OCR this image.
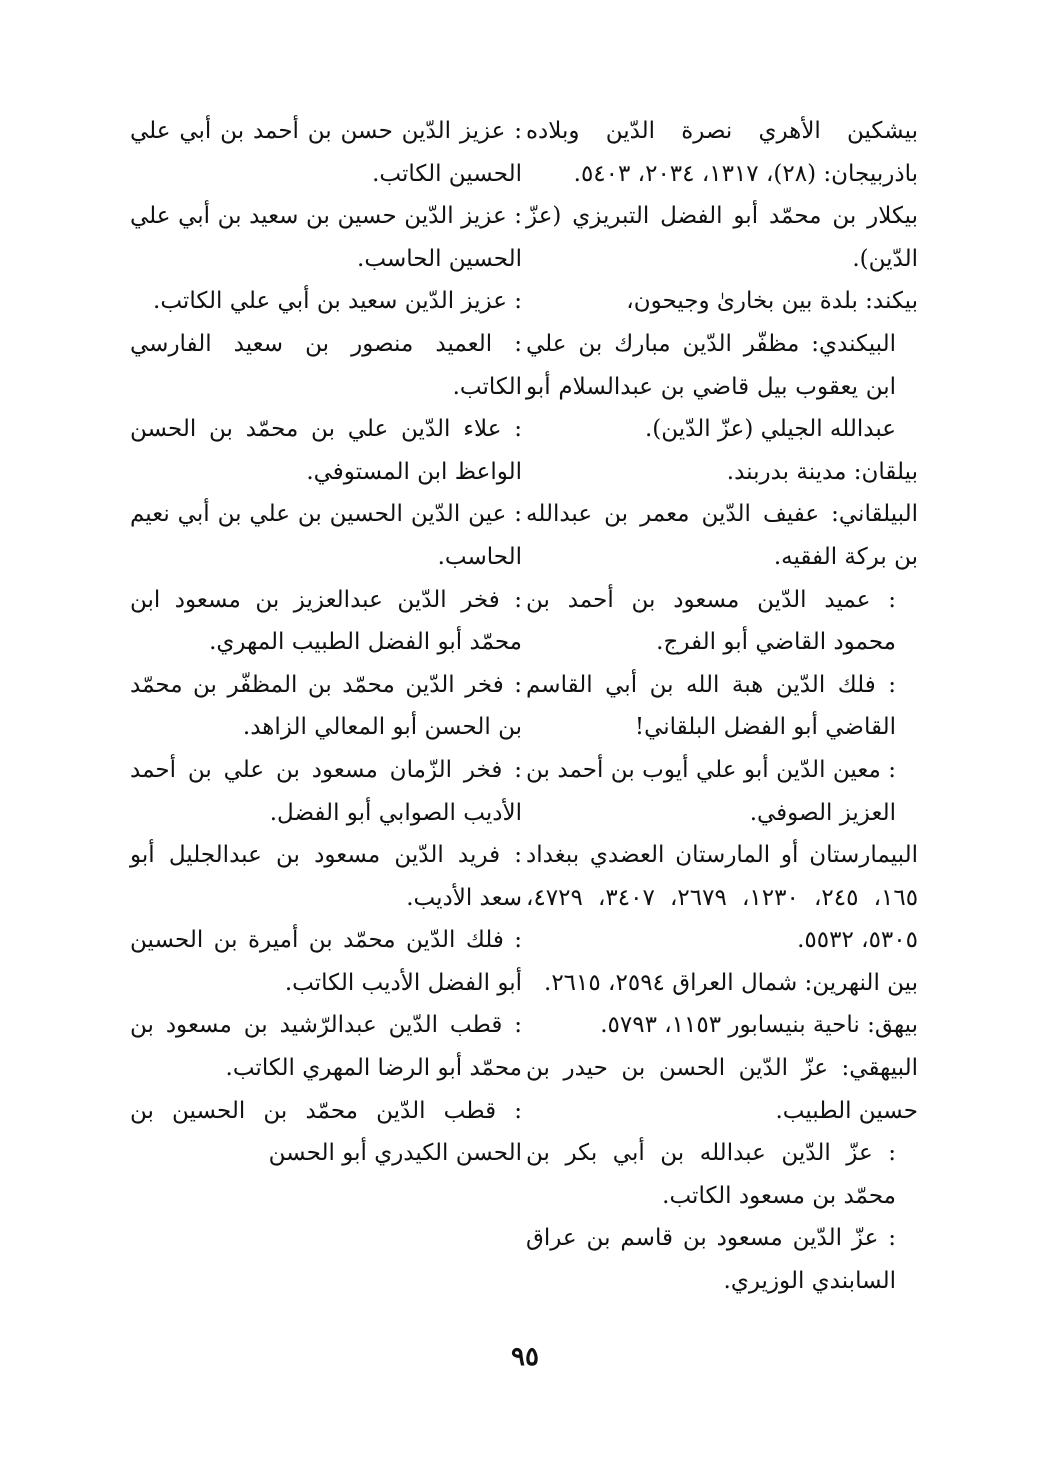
بيشكين الأهري نصرة الدّين وبلاده باذربيجان: (٢٨)، ١٣١٧، ٢٠٣٤، ٥٤٠٣.

بيكلار بن محمّد أبو الفضل التبريزي (عزّ الدّين).

بيكند: بلدة بين بخارىٰ وجيحون،

البيكندي: مظفّر الدّين مبارك بن علي ابن يعقوب بيل قاضي بن عبدالسلام أبو عبدالله الجيلي (عزّ الدّين).

بيلقان: مدينة بدربند.

البيلقاني: عفيف الدّين معمر بن عبدالله بن بركة الفقيه.

: عميد الدّين مسعود بن أحمد بن محمود القاضي أبو الفرج.

: فلك الدّين هبة الله بن أبي القاسم القاضي أبو الفضل البلقاني!

: معين الدّين أبو علي أيوب بن أحمد بن العزيز الصوفي.

البيمارستان أو المارستان العضدي ببغداد ١٦٥، ٢٤٥، ١٢٣٠، ٢٦٧٩، ٣٤٠٧، ٤٧٢٩، ٥٣٠٥، ٥٥٣٢.

بين النهرين: شمال العراق ٢٥٩٤، ٢٦١٥.

بيهق: ناحية بنيسابور ١١٥٣، ٥٧٩٣.

البيهقي: عزّ الدّين الحسن بن حيدر بن حسين الطبيب.

: عزّ الدّين عبدالله بن أبي بكر بن محمّد بن مسعود الكاتب.

: عزّ الدّين مسعود بن قاسم بن عراق السابندي الوزيري.

: عزيز الدّين حسن بن أحمد بن أبي علي الحسين الكاتب.

: عزيز الدّين حسين بن سعيد بن أبي علي الحسين الحاسب.

: عزيز الدّين سعيد بن أبي علي الكاتب.

: العميد منصور بن سعيد الفارسي الكاتب.

: علاء الدّين علي بن محمّد بن الحسن الواعظ ابن المستوفي.

: عين الدّين الحسين بن علي بن أبي نعيم الحاسب.

: فخر الدّين عبدالعزيز بن مسعود ابن محمّد أبو الفضل الطبيب المهري.

: فخر الدّين محمّد بن المظفّر بن محمّد بن الحسن أبو المعالي الزاهد.

: فخر الزّمان مسعود بن علي بن أحمد الأديب الصوابي أبو الفضل.

: فريد الدّين مسعود بن عبدالجليل أبو سعد الأديب.

: فلك الدّين محمّد بن أميرة بن الحسين أبو الفضل الأديب الكاتب.

: قطب الدّين عبدالرّشيد بن مسعود بن محمّد أبو الرضا المهري الكاتب.

: قطب الدّين محمّد بن الحسين بن الحسن الكيدري أبو الحسن

٩٥
